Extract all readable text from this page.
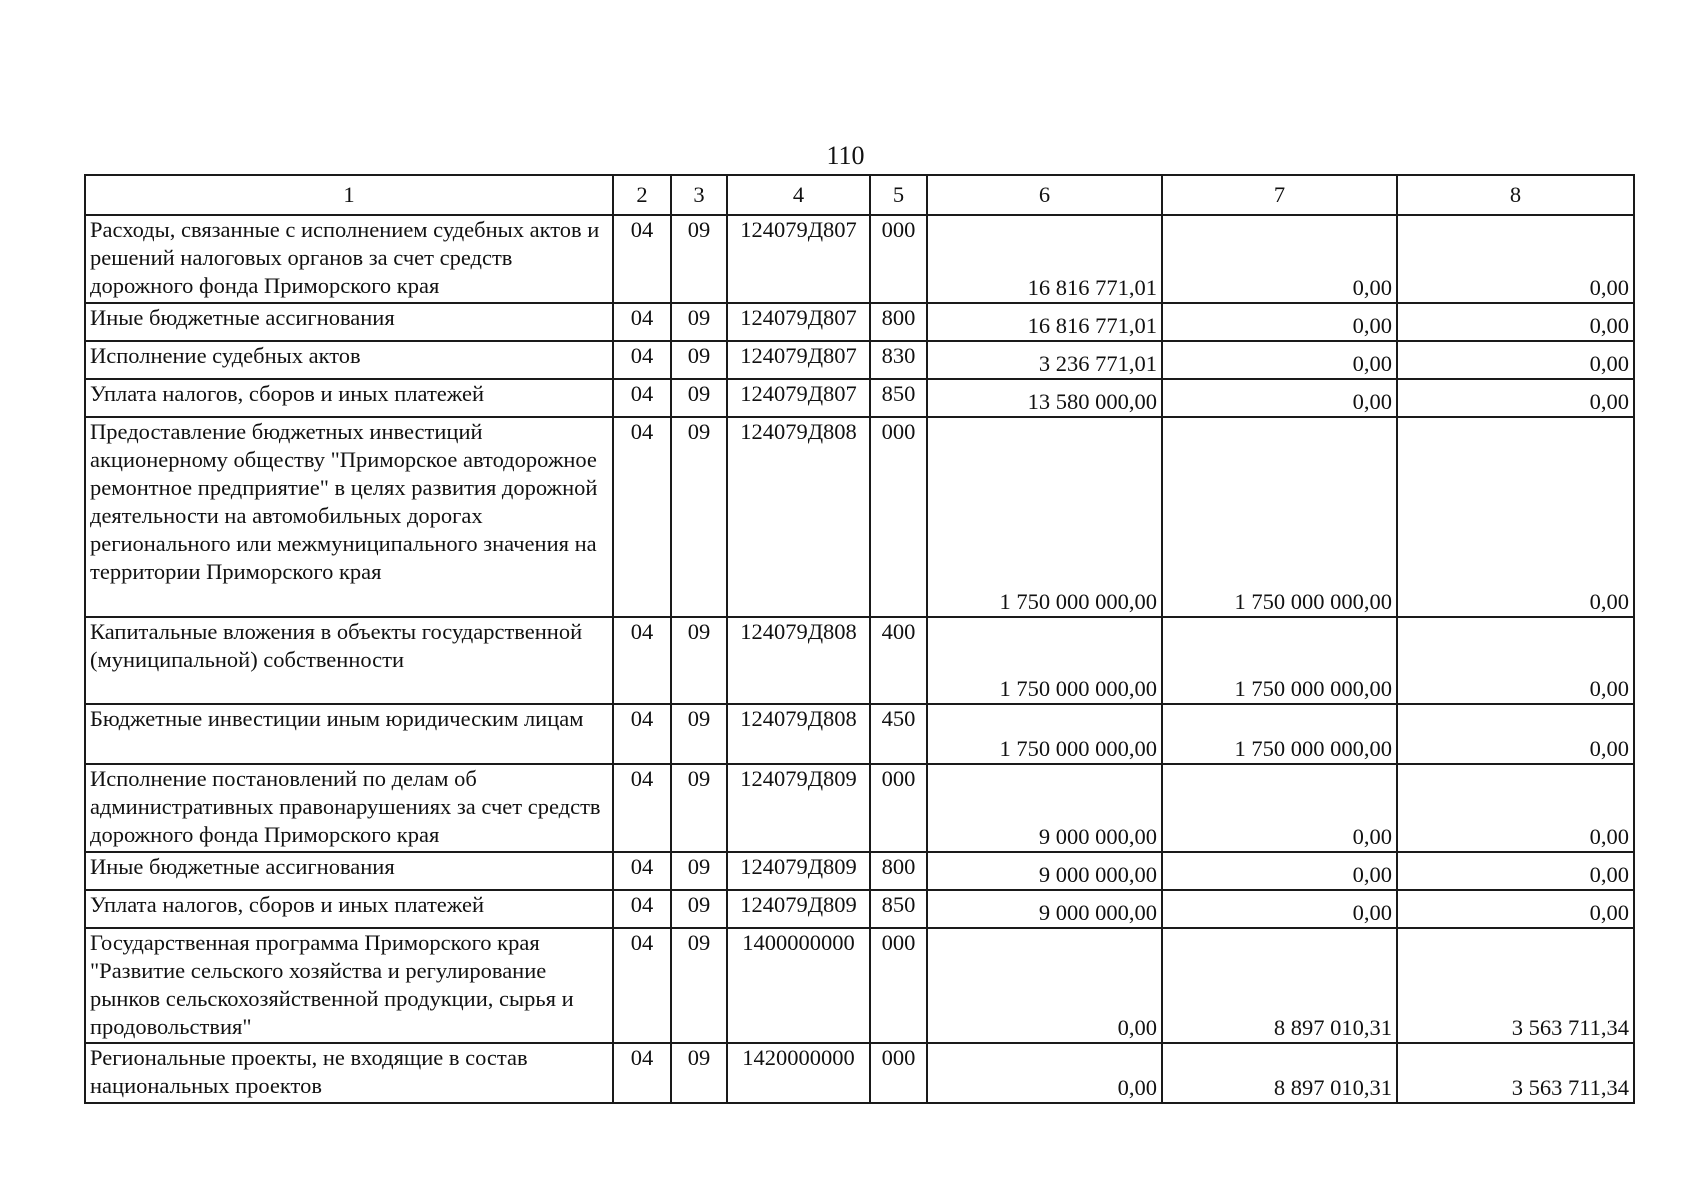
110
1	2	3	4	5	6	7	8
Расходы, связанные с исполнением судебных актов и решений налоговых органов за счет средств дорожного фонда Приморского края	04	09	124079Д807	000	16 816 771,01	0,00	0,00
Иные бюджетные ассигнования	04	09	124079Д807	800	16 816 771,01	0,00	0,00
Исполнение судебных актов	04	09	124079Д807	830	3 236 771,01	0,00	0,00
Уплата налогов, сборов и иных платежей	04	09	124079Д807	850	13 580 000,00	0,00	0,00
Предоставление бюджетных инвестиций акционерному обществу "Приморское автодорожное ремонтное предприятие" в целях развития дорожной деятельности на автомобильных дорогах регионального или межмуниципального значения на территории Приморского края	04	09	124079Д808	000	1 750 000 000,00	1 750 000 000,00	0,00
Капитальные вложения в объекты государственной (муниципальной) собственности	04	09	124079Д808	400	1 750 000 000,00	1 750 000 000,00	0,00
Бюджетные инвестиции иным юридическим лицам	04	09	124079Д808	450	1 750 000 000,00	1 750 000 000,00	0,00
Исполнение постановлений по делам об административных правонарушениях за счет средств дорожного фонда Приморского края	04	09	124079Д809	000	9 000 000,00	0,00	0,00
Иные бюджетные ассигнования	04	09	124079Д809	800	9 000 000,00	0,00	0,00
Уплата налогов, сборов и иных платежей	04	09	124079Д809	850	9 000 000,00	0,00	0,00
Государственная программа Приморского края "Развитие сельского хозяйства и регулирование рынков сельскохозяйственной продукции, сырья и продовольствия"	04	09	1400000000	000	0,00	8 897 010,31	3 563 711,34
Региональные проекты, не входящие в состав национальных проектов	04	09	1420000000	000	0,00	8 897 010,31	3 563 711,34
